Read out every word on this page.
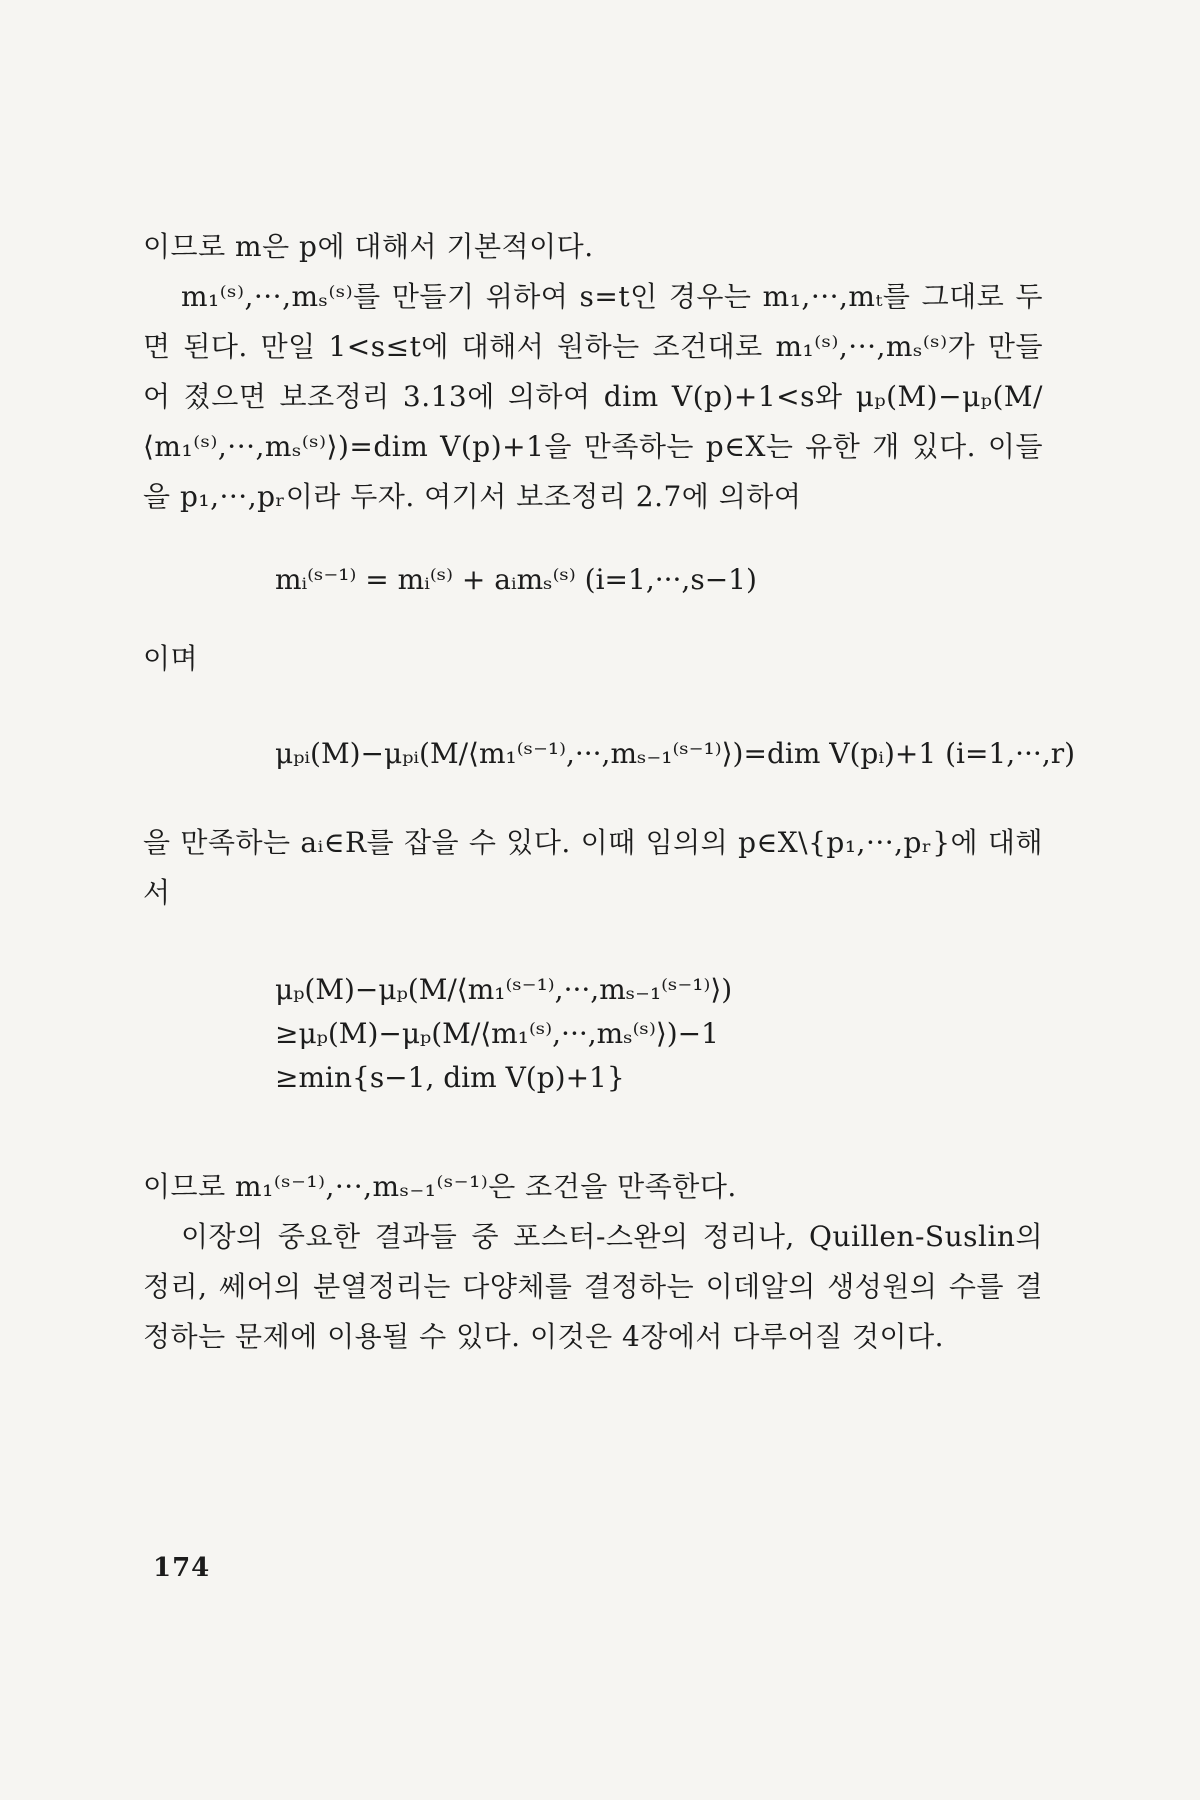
이므로 m은 p에 대해서 기본적이다.

m₁⁽ˢ⁾,···,mₛ⁽ˢ⁾를 만들기 위하여 s=t인 경우는 m₁,···,mₜ를 그대로 두면 된다. 만일 1<s≤t에 대해서 원하는 조건대로 m₁⁽ˢ⁾,···,mₛ⁽ˢ⁾가 만들어 졌으면 보조정리 3.13에 의하여 dim V(p)+1<s와 μₚ(M)−μₚ(M/⟨m₁⁽ˢ⁾,···,mₛ⁽ˢ⁾⟩)=dim V(p)+1을 만족하는 p∈X는 유한 개 있다. 이들을 p₁,···,pᵣ이라 두자. 여기서 보조정리 2.7에 의하여

mᵢ⁽ˢ⁻¹⁾ = mᵢ⁽ˢ⁾ + aᵢmₛ⁽ˢ⁾ (i=1,···,s−1)

이며

μₚᵢ(M)−μₚᵢ(M/⟨m₁⁽ˢ⁻¹⁾,···,mₛ₋₁⁽ˢ⁻¹⁾⟩)=dim V(pᵢ)+1 (i=1,···,r)

을 만족하는 aᵢ∈R를 잡을 수 있다. 이때 임의의 p∈X\{p₁,···,pᵣ}에 대해서

μₚ(M)−μₚ(M/⟨m₁⁽ˢ⁻¹⁾,···,mₛ₋₁⁽ˢ⁻¹⁾⟩)
≥μₚ(M)−μₚ(M/⟨m₁⁽ˢ⁾,···,mₛ⁽ˢ⁾⟩)−1
≥min{s−1, dim V(p)+1}

이므로 m₁⁽ˢ⁻¹⁾,···,mₛ₋₁⁽ˢ⁻¹⁾은 조건을 만족한다.

이장의 중요한 결과들 중 포스터-스완의 정리나, Quillen-Suslin의 정리, 쎄어의 분열정리는 다양체를 결정하는 이데알의 생성원의 수를 결정하는 문제에 이용될 수 있다. 이것은 4장에서 다루어질 것이다.

174
